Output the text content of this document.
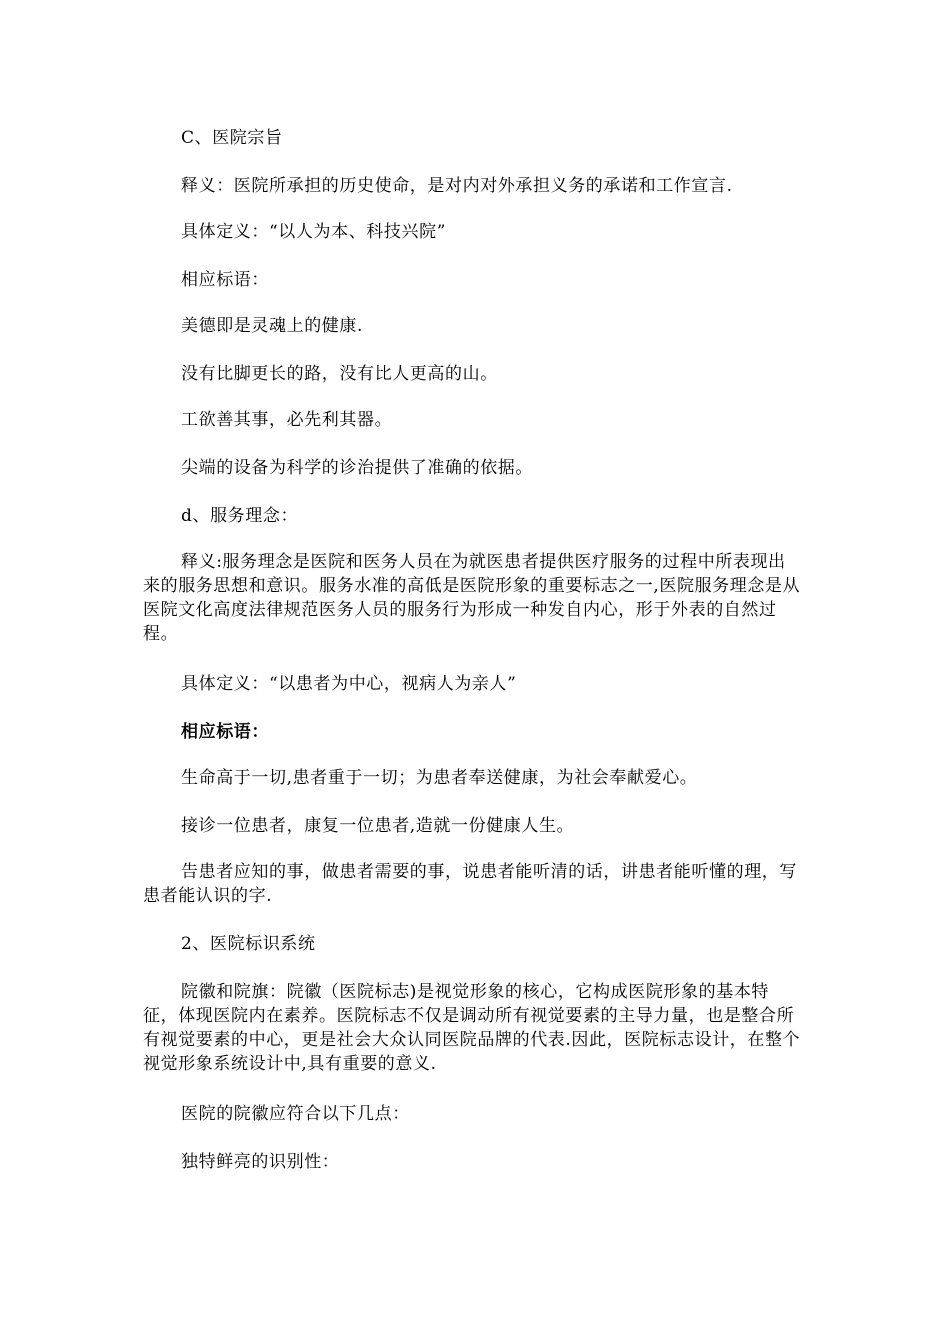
C、医院宗旨

释义：医院所承担的历史使命，是对内对外承担义务的承诺和工作宣言.

具体定义：“以人为本、科技兴院”

相应标语：

美德即是灵魂上的健康.

没有比脚更长的路，没有比人更高的山。

工欲善其事，必先利其器。

尖端的设备为科学的诊治提供了准确的依据。

d、服务理念：

释义:服务理念是医院和医务人员在为就医患者提供医疗服务的过程中所表现出来的服务思想和意识。服务水准的高低是医院形象的重要标志之一,医院服务理念是从医院文化高度法律规范医务人员的服务行为形成一种发自内心，形于外表的自然过程。

具体定义：“以患者为中心，视病人为亲人”

相应标语：

生命高于一切,患者重于一切；为患者奉送健康，为社会奉献爱心。

接诊一位患者，康复一位患者,造就一份健康人生。

告患者应知的事，做患者需要的事，说患者能听清的话，讲患者能听懂的理，写患者能认识的字.

2、医院标识系统

院徽和院旗：院徽（医院标志)是视觉形象的核心，它构成医院形象的基本特征，体现医院内在素养。医院标志不仅是调动所有视觉要素的主导力量，也是整合所有视觉要素的中心，更是社会大众认同医院品牌的代表.因此，医院标志设计，在整个视觉形象系统设计中,具有重要的意义.

医院的院徽应符合以下几点：

独特鲜亮的识别性：
